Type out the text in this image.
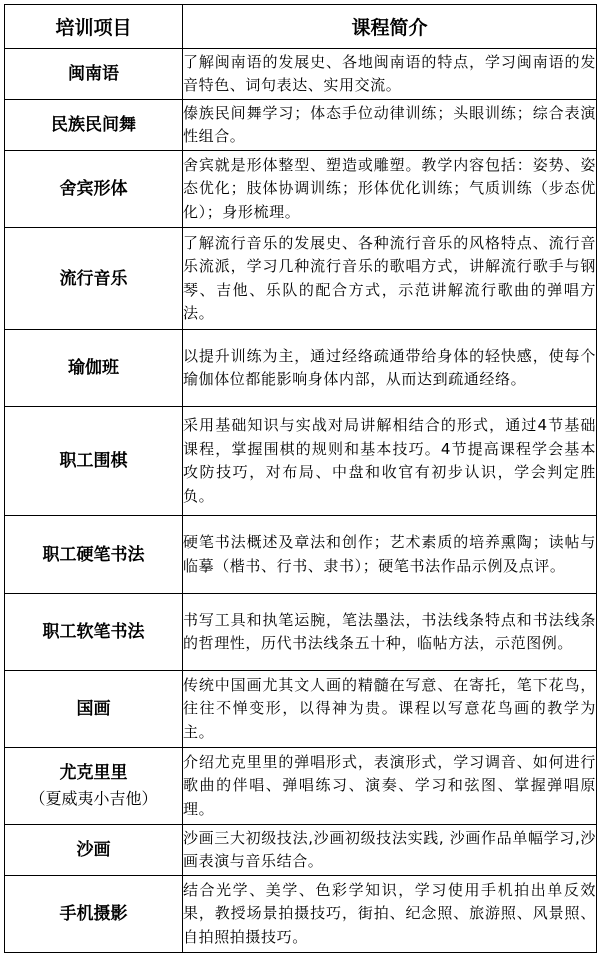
培训项目	课程简介
闽南语	了解闽南语的发展史、各地闽南语的特点，学习闽南语的发音特色、词句表达、实用交流。
民族民间舞	傣族民间舞学习；体态手位动律训练；头眼训练；综合表演性组合。
舍宾形体	舍宾就是形体整型、塑造或雕塑。教学内容包括：姿势、姿态优化；肢体协调训练；形体优化训练；气质训练（步态优化）；身形梳理。
流行音乐	了解流行音乐的发展史、各种流行音乐的风格特点、流行音乐流派，学习几种流行音乐的歌唱方式，讲解流行歌手与钢琴、吉他、乐队的配合方式，示范讲解流行歌曲的弹唱方法。
瑜伽班	以提升训练为主，通过经络疏通带给身体的轻快感，使每个瑜伽体位都能影响身体内部，从而达到疏通经络。
职工围棋	采用基础知识与实战对局讲解相结合的形式，通过4节基础课程，掌握围棋的规则和基本技巧。4节提高课程学会基本攻防技巧，对布局、中盘和收官有初步认识，学会判定胜负。
职工硬笔书法	硬笔书法概述及章法和创作；艺术素质的培养熏陶；读帖与临摹（楷书、行书、隶书）；硬笔书法作品示例及点评。
职工软笔书法	书写工具和执笔运腕，笔法墨法，书法线条特点和书法线条的哲理性，历代书法线条五十种，临帖方法，示范图例。
国画	传统中国画尤其文人画的精髓在写意、在寄托，笔下花鸟，往往不惮变形，以得神为贵。课程以写意花鸟画的教学为主。
尤克里里
（夏威夷小吉他）	介绍尤克里里的弹唱形式，表演形式，学习调音、如何进行歌曲的伴唱、弹唱练习、演奏、学习和弦图、掌握弹唱原理。
沙画	沙画三大初级技法,沙画初级技法实践, 沙画作品单幅学习,沙画表演与音乐结合。
手机摄影	结合光学、美学、色彩学知识，学习使用手机拍出单反效果，教授场景拍摄技巧，街拍、纪念照、旅游照、风景照、自拍照拍摄技巧。
